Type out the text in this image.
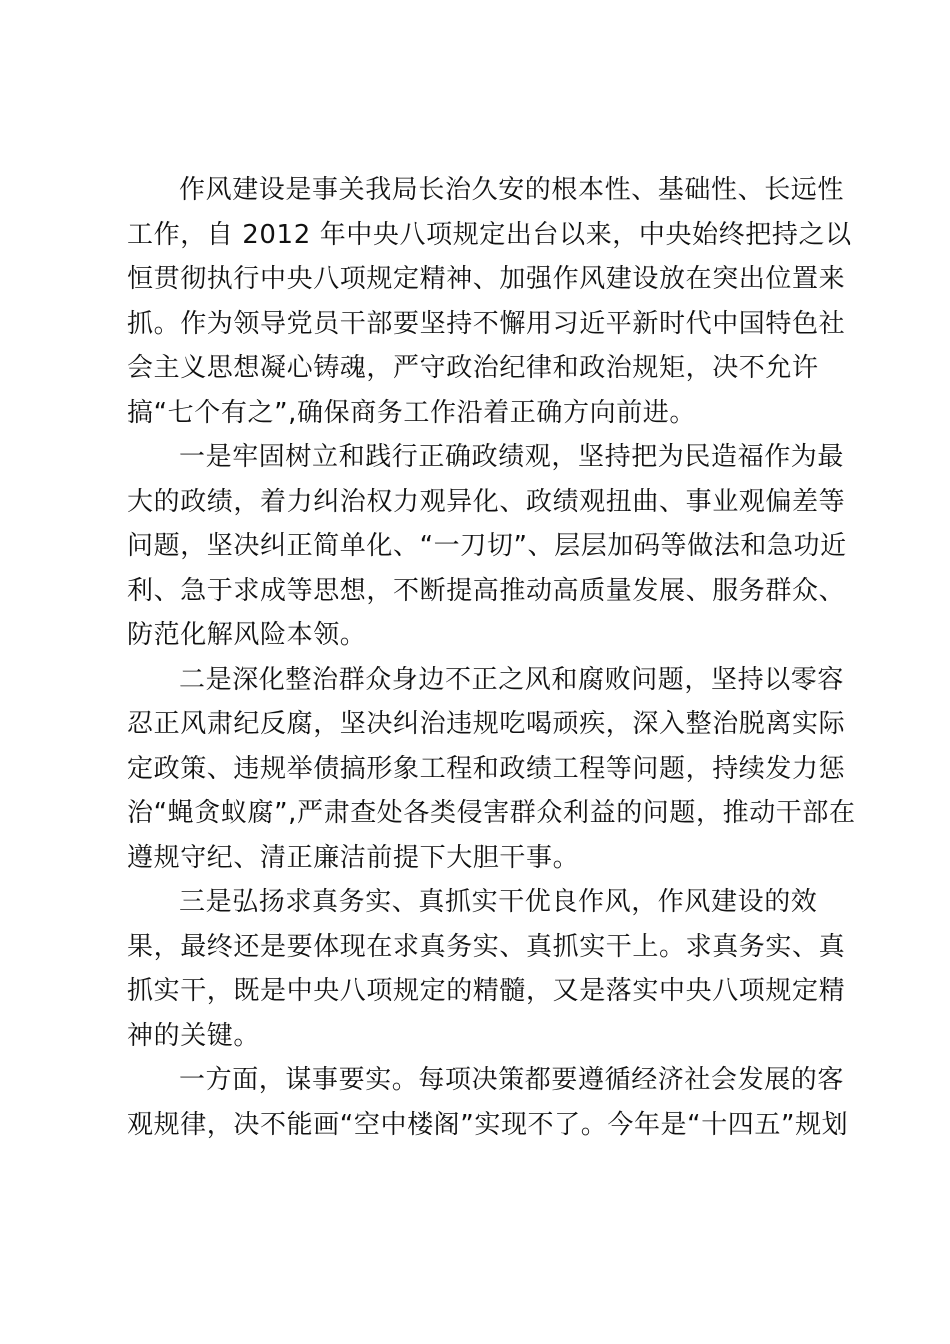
作风建设是事关我局长治久安的根本性、基础性、长远性
工作，自 2012 年中央八项规定出台以来，中央始终把持之以
恒贯彻执行中央八项规定精神、加强作风建设放在突出位置来
抓。作为领导党员干部要坚持不懈用习近平新时代中国特色社
会主义思想凝心铸魂，严守政治纪律和政治规矩，决不允许
搞“七个有之”,确保商务工作沿着正确方向前进。
一是牢固树立和践行正确政绩观，坚持把为民造福作为最
大的政绩，着力纠治权力观异化、政绩观扭曲、事业观偏差等
问题，坚决纠正简单化、“一刀切”、层层加码等做法和急功近
利、急于求成等思想，不断提高推动高质量发展、服务群众、
防范化解风险本领。
二是深化整治群众身边不正之风和腐败问题，坚持以零容
忍正风肃纪反腐，坚决纠治违规吃喝顽疾，深入整治脱离实际
定政策、违规举债搞形象工程和政绩工程等问题，持续发力惩
治“蝇贪蚁腐”,严肃查处各类侵害群众利益的问题，推动干部在
遵规守纪、清正廉洁前提下大胆干事。
三是弘扬求真务实、真抓实干优良作风，作风建设的效
果，最终还是要体现在求真务实、真抓实干上。求真务实、真
抓实干，既是中央八项规定的精髓，又是落实中央八项规定精
神的关键。
一方面，谋事要实。每项决策都要遵循经济社会发展的客
观规律，决不能画“空中楼阁”实现不了。今年是“十四五”规划
